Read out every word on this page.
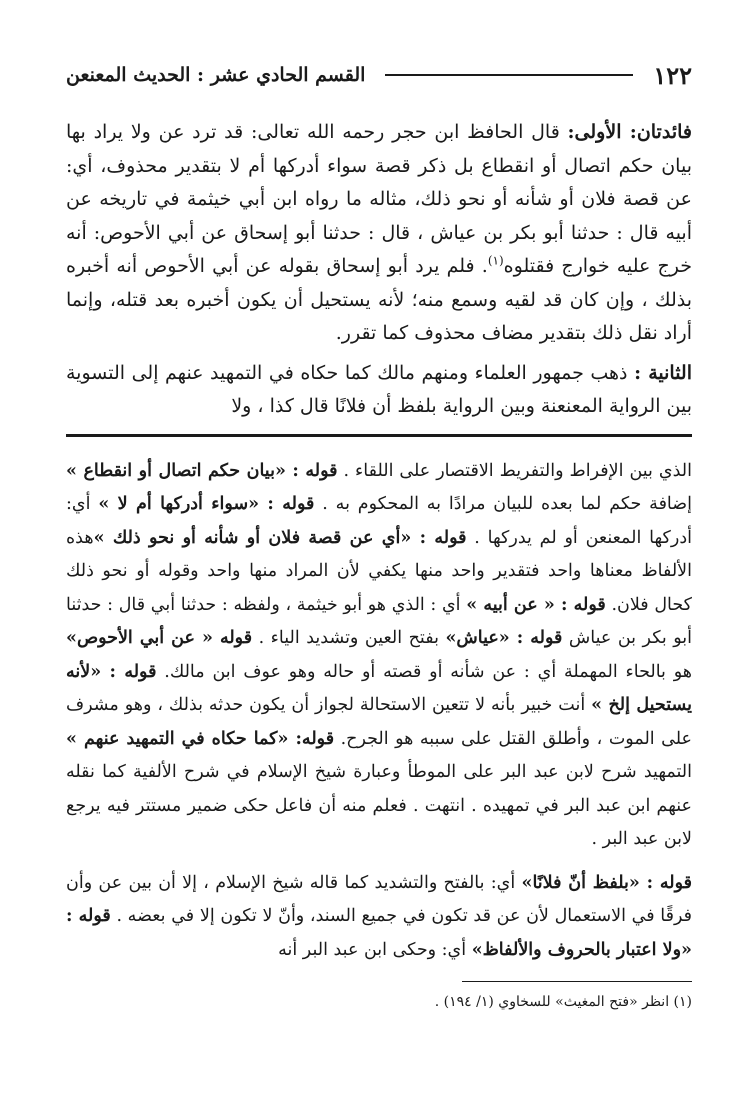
١٢٢
القسم الحادي عشر : الحديث المعنعن

فائدتان: الأولى: قال الحافظ ابن حجر رحمه الله تعالى: قد ترد عن ولا يراد بها بيان حكم اتصال أو انقطاع بل ذكر قصة سواء أدركها أم لا بتقدير محذوف، أي: عن قصة فلان أو شأنه أو نحو ذلك، مثاله ما رواه ابن أبي خيثمة في تاريخه عن أبيه قال : حدثنا أبو بكر بن عياش ، قال : حدثنا أبو إسحاق عن أبي الأحوص: أنه خرج عليه خوارج فقتلوه$^{(١)}$. فلم يرد أبو إسحاق بقوله عن أبي الأحوص أنه أخبره بذلك ، وإن كان قد لقيه وسمع منه؛ لأنه يستحيل أن يكون أخبره بعد قتله، وإنما أراد نقل ذلك بتقدير مضاف محذوف كما تقرر.

الثانية : ذهب جمهور العلماء ومنهم مالك كما حكاه في التمهيد عنهم إلى التسوية بين الرواية المعنعنة وبين الرواية بلفظ أن فلانًا قال كذا ، ولا

الذي بين الإفراط والتفريط الاقتصار على اللقاء . قوله : «بيان حكم اتصال أو انقطاع » إضافة حكم لما بعده للبيان مرادًا به المحكوم به . قوله : «سواء أدركها أم لا » أي: أدركها المعنعن أو لم يدركها . قوله : «أي عن قصة فلان أو شأنه أو نحو ذلك »هذه الألفاظ معناها واحد فتقدير واحد منها يكفي لأن المراد منها واحد وقوله أو نحو ذلك كحال فلان. قوله : « عن أبيه » أي : الذي هو أبو خيثمة ، ولفظه : حدثنا أبي قال : حدثنا أبو بكر بن عياش قوله : «عياش» بفتح العين وتشديد الياء . قوله « عن أبي الأحوص» هو بالحاء المهملة أي : عن شأنه أو قصته أو حاله وهو عوف ابن مالك. قوله : «لأنه يستحيل إلخ » أنت خبير بأنه لا تتعين الاستحالة لجواز أن يكون حدثه بذلك ، وهو مشرف على الموت ، وأطلق القتل على سببه هو الجرح. قوله: «كما حكاه في التمهيد عنهم » التمهيد شرح لابن عبد البر على الموطأ وعبارة شيخ الإسلام في شرح الألفية كما نقله عنهم ابن عبد البر في تمهيده . انتهت . فعلم منه أن فاعل حكى ضمير مستتر فيه يرجع لابن عبد البر .

قوله : «بلفظ أنّ فلانًا» أي: بالفتح والتشديد كما قاله شيخ الإسلام ، إلا أن بين عن وأن فرقًا في الاستعمال لأن عن قد تكون في جميع السند، وأنّ لا تكون إلا في بعضه . قوله : «ولا اعتبار بالحروف والألفاظ» أي: وحكى ابن عبد البر أنه

(١) انظر «فتح المغيث» للسخاوي (١/ ١٩٤) .
